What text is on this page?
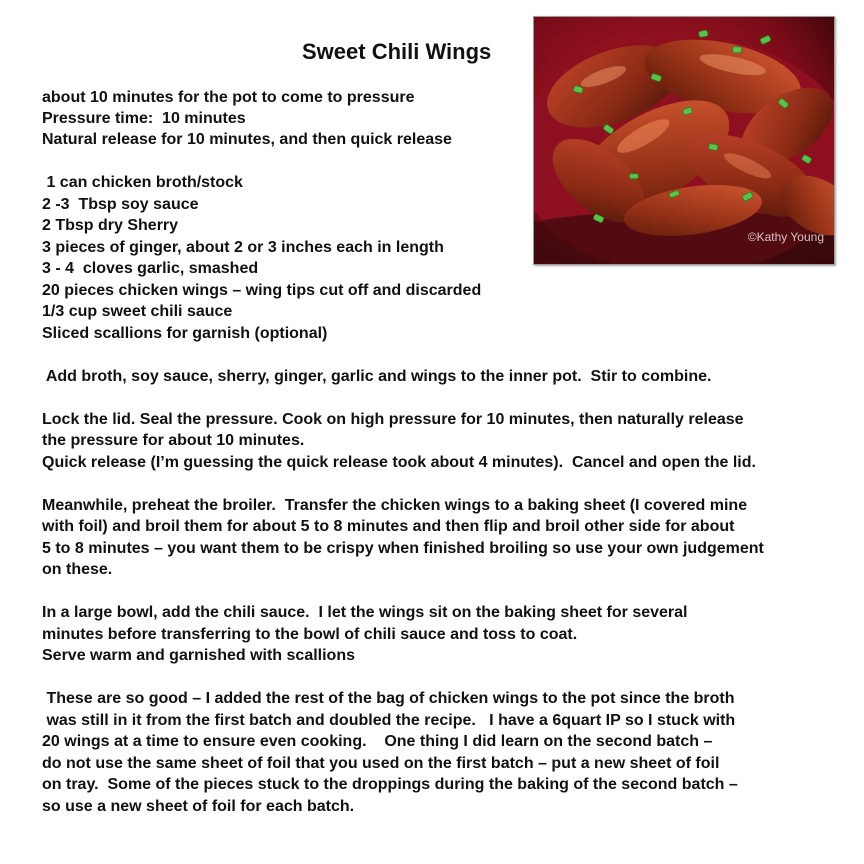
Sweet Chili Wings
©Kathy Young
about 10 minutes for the pot to come to pressure
Pressure time:  10 minutes
Natural release for 10 minutes, and then quick release
1 can chicken broth/stock
2 -3  Tbsp soy sauce
2 Tbsp dry Sherry
3 pieces of ginger, about 2 or 3 inches each in length
3 - 4  cloves garlic, smashed
20 pieces chicken wings – wing tips cut off and discarded
1/3 cup sweet chili sauce
Sliced scallions for garnish (optional)
Add broth, soy sauce, sherry, ginger, garlic and wings to the inner pot.  Stir to combine.
Lock the lid. Seal the pressure. Cook on high pressure for 10 minutes, then naturally release
the pressure for about 10 minutes.
Quick release (I’m guessing the quick release took about 4 minutes).  Cancel and open the lid.
Meanwhile, preheat the broiler.  Transfer the chicken wings to a baking sheet (I covered mine
with foil) and broil them for about 5 to 8 minutes and then flip and broil other side for about
5 to 8 minutes – you want them to be crispy when finished broiling so use your own judgement
on these.
In a large bowl, add the chili sauce.  I let the wings sit on the baking sheet for several
minutes before transferring to the bowl of chili sauce and toss to coat.
Serve warm and garnished with scallions
These are so good – I added the rest of the bag of chicken wings to the pot since the broth
was still in it from the first batch and doubled the recipe.   I have a 6quart IP so I stuck with
20 wings at a time to ensure even cooking.    One thing I did learn on the second batch –
do not use the same sheet of foil that you used on the first batch – put a new sheet of foil
on tray.  Some of the pieces stuck to the droppings during the baking of the second batch –
so use a new sheet of foil for each batch.
